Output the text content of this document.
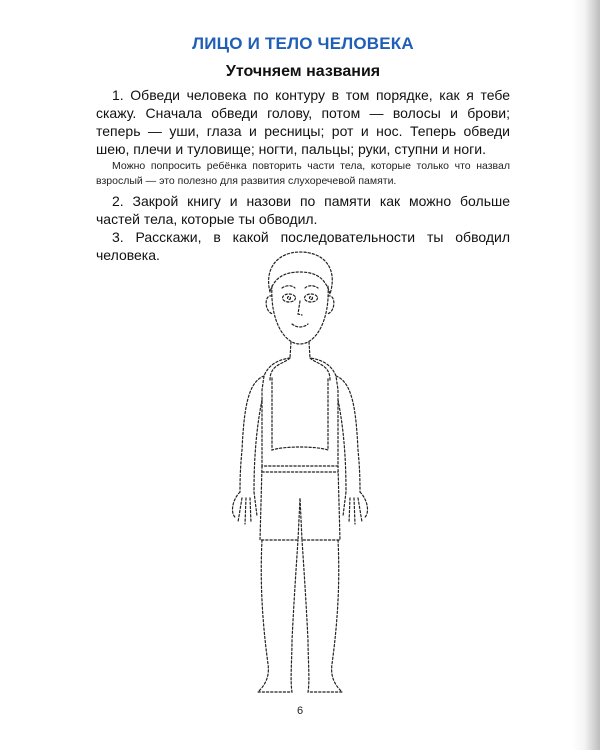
ЛИЦО И ТЕЛО ЧЕЛОВЕКА
Уточняем названия
1. Обведи человека по контуру в том порядке, как я тебе скажу. Сначала обведи голову, потом — волосы и брови; теперь — уши, глаза и ресницы; рот и нос. Теперь обведи шею, плечи и туловище; ногти, пальцы; руки, ступни и ноги.
Можно попросить ребёнка повторить части тела, которые только что назвал взрослый — это полезно для развития слухоречевой памяти.
2. Закрой книгу и назови по памяти как можно больше частей тела, которые ты обводил.
3. Расскажи, в какой последовательности ты обводил человека.
6
